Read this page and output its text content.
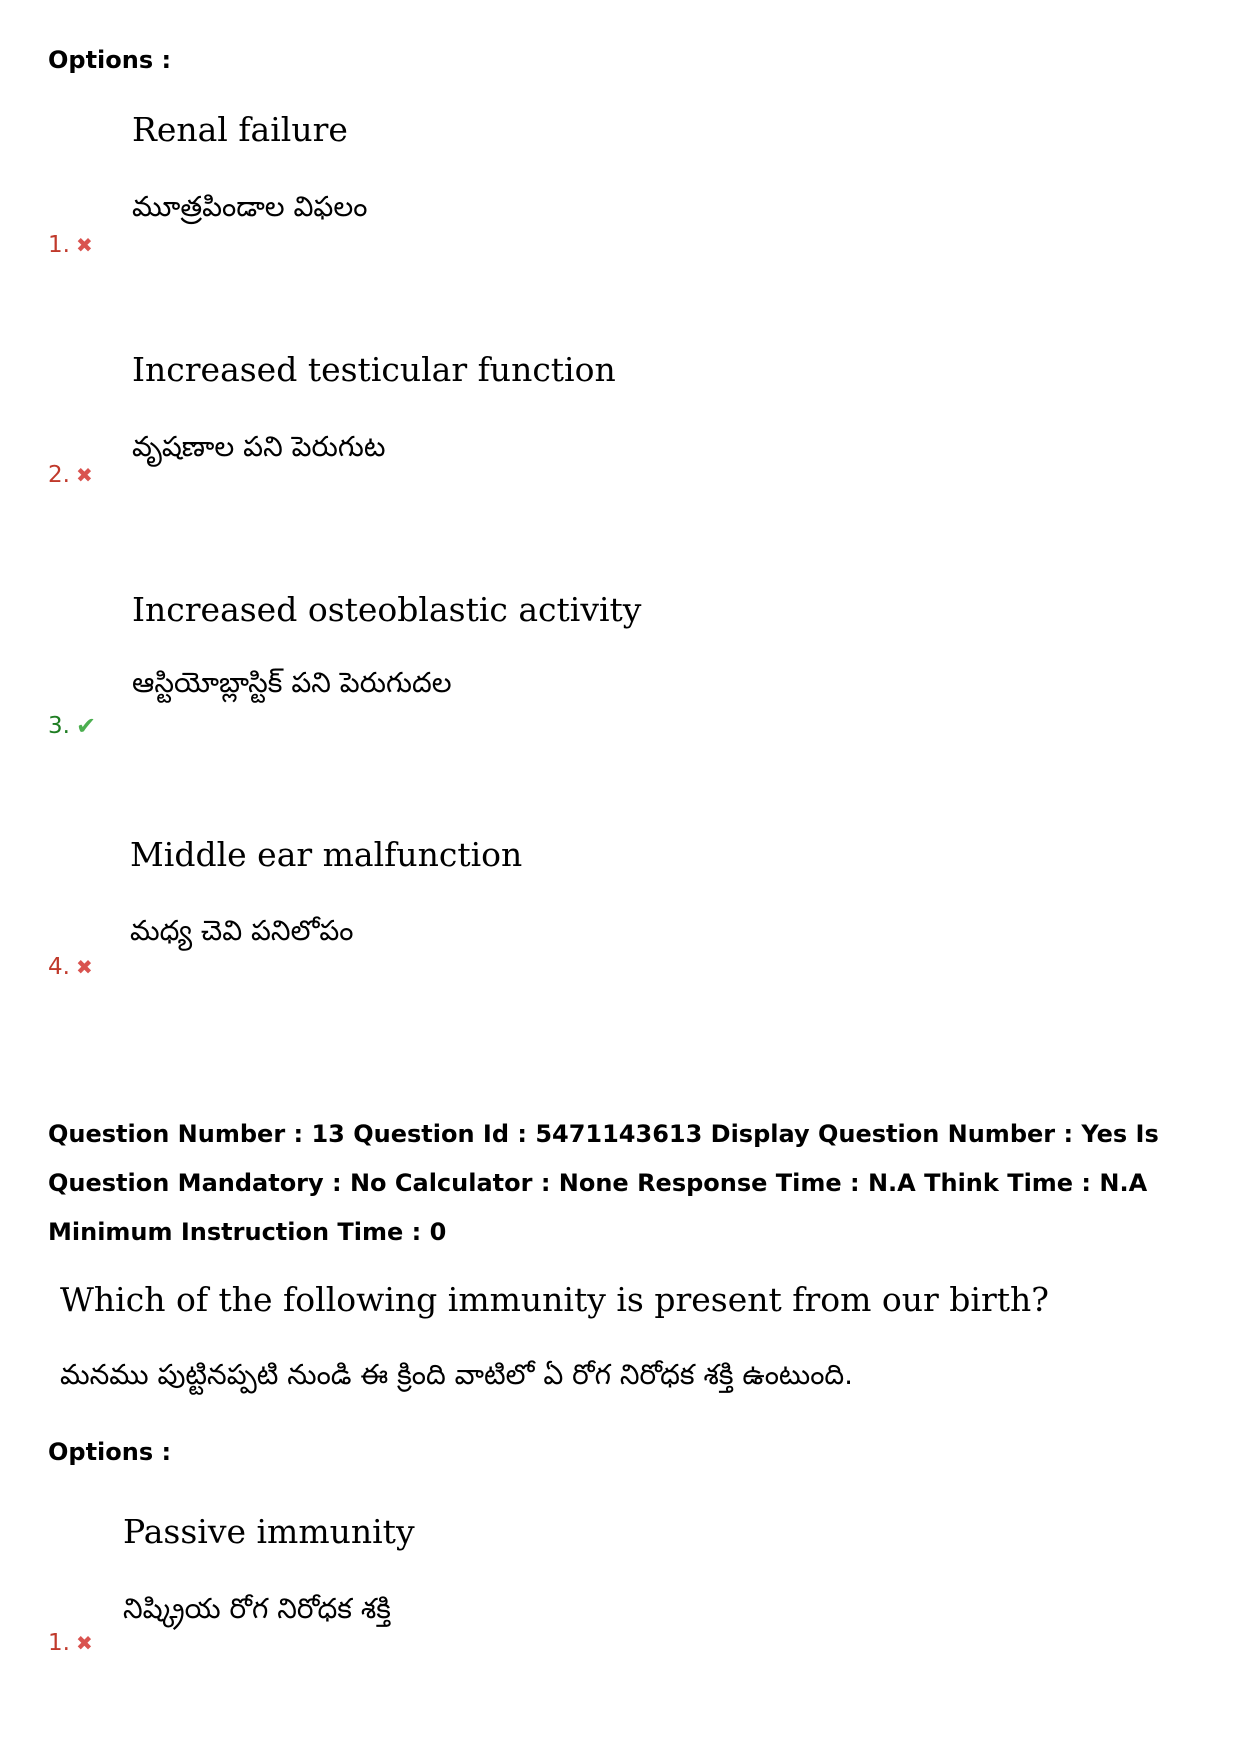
Options :
Renal failure
మూత్రపిండాల విఫలం
1. ✖
Increased testicular function
వృషణాల పని పెరుగుట
2. ✖
Increased osteoblastic activity
ఆస్టియోబ్లాస్టిక్ పని పెరుగుదల
3. ✔
Middle ear malfunction
మధ్య చెవి పనిలోపం
4. ✖
Question Number : 13 Question Id : 5471143613 Display Question Number : Yes Is Question Mandatory : No Calculator : None Response Time : N.A Think Time : N.A Minimum Instruction Time : 0
Which of the following immunity is present from our birth?
మనము పుట్టినప్పటి నుండి ఈ క్రింది వాటిలో ఏ రోగ నిరోధక శక్తి ఉంటుంది.
Options :
Passive immunity
నిష్క్రియ రోగ నిరోధక శక్తి
1. ✖
